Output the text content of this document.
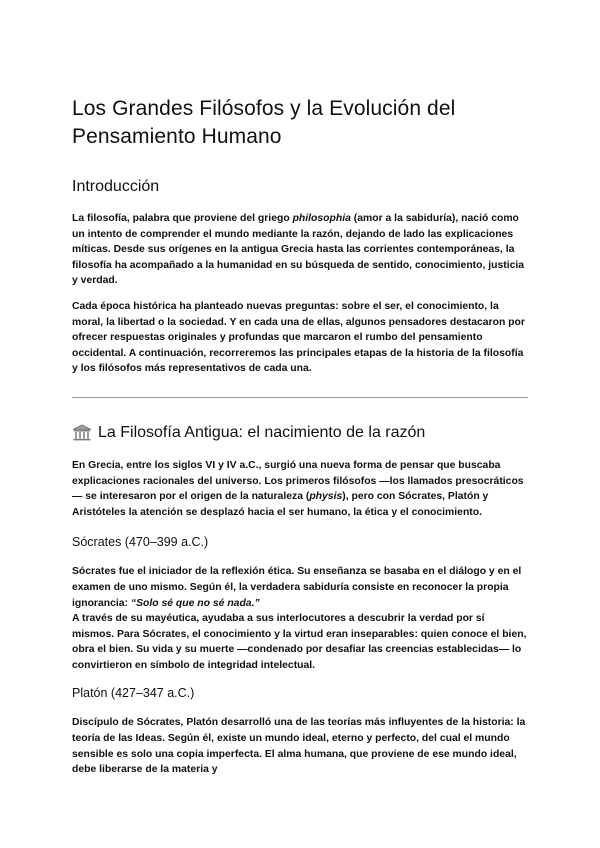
Los Grandes Filósofos y la Evolución del Pensamiento Humano
Introducción

La filosofía, palabra que proviene del griego philosophia (amor a la sabiduría), nació como un intento de comprender el mundo mediante la razón, dejando de lado las explicaciones míticas. Desde sus orígenes en la antigua Grecia hasta las corrientes contemporáneas, la filosofía ha acompañado a la humanidad en su búsqueda de sentido, conocimiento, justicia y verdad.

Cada época histórica ha planteado nuevas preguntas: sobre el ser, el conocimiento, la moral, la libertad o la sociedad. Y en cada una de ellas, algunos pensadores destacaron por ofrecer respuestas originales y profundas que marcaron el rumbo del pensamiento occidental. A continuación, recorreremos las principales etapas de la historia de la filosofía y los filósofos más representativos de cada una.

La Filosofía Antigua: el nacimiento de la razón

En Grecia, entre los siglos VI y IV a.C., surgió una nueva forma de pensar que buscaba explicaciones racionales del universo. Los primeros filósofos —los llamados presocráticos— se interesaron por el origen de la naturaleza (physis), pero con Sócrates, Platón y Aristóteles la atención se desplazó hacia el ser humano, la ética y el conocimiento.

Sócrates (470–399 a.C.)

Sócrates fue el iniciador de la reflexión ética. Su enseñanza se basaba en el diálogo y en el examen de uno mismo. Según él, la verdadera sabiduría consiste en reconocer la propia ignorancia: “Solo sé que no sé nada.”
A través de su mayéutica, ayudaba a sus interlocutores a descubrir la verdad por sí mismos. Para Sócrates, el conocimiento y la virtud eran inseparables: quien conoce el bien, obra el bien. Su vida y su muerte —condenado por desafiar las creencias establecidas— lo convirtieron en símbolo de integridad intelectual.

Platón (427–347 a.C.)

Discípulo de Sócrates, Platón desarrolló una de las teorías más influyentes de la historia: la teoría de las Ideas. Según él, existe un mundo ideal, eterno y perfecto, del cual el mundo sensible es solo una copia imperfecta. El alma humana, que proviene de ese mundo ideal, debe liberarse de la materia y
